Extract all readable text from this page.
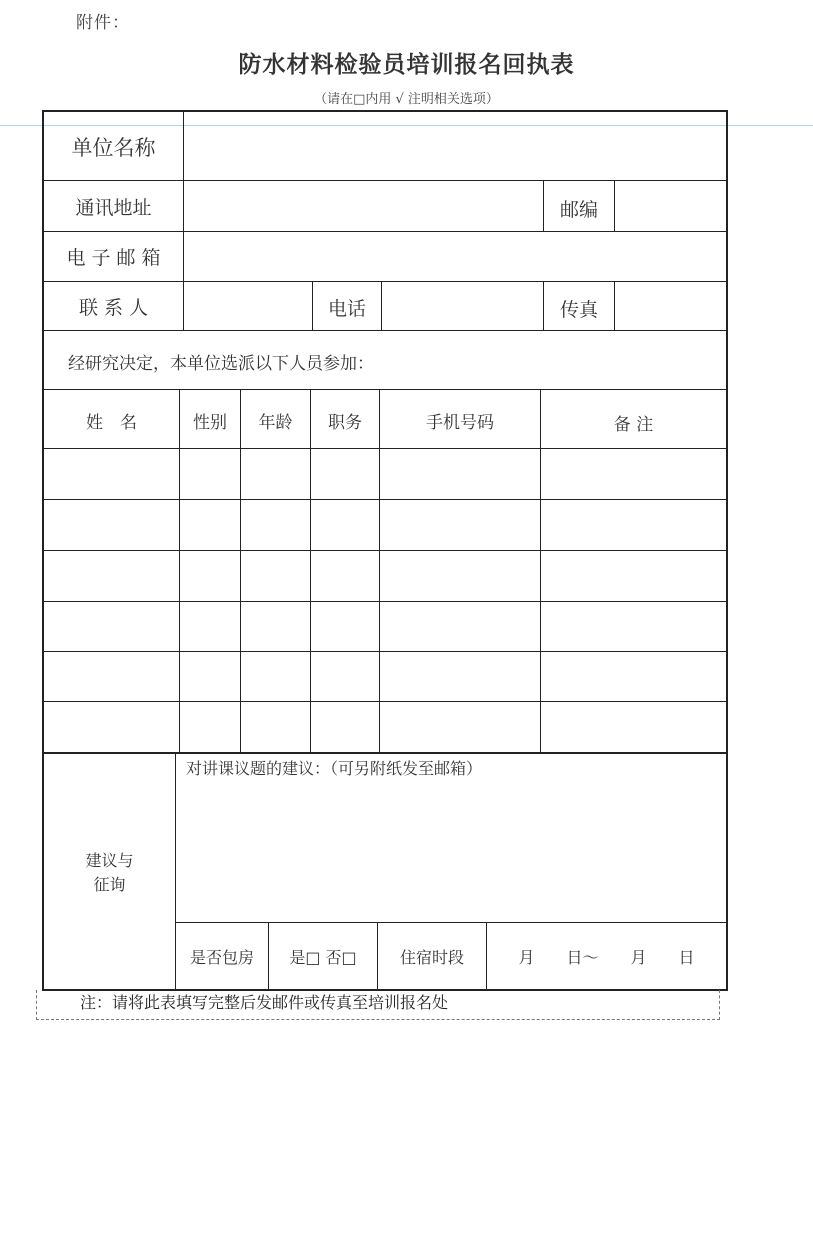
附件：
防水材料检验员培训报名回执表
（请在□内用 √ 注明相关选项）
单位名称
通讯地址	邮编
电 子 邮 箱
联 系 人	电话	传真
经研究决定，本单位选派以下人员参加：
姓　名	性别	年龄	职务	手机号码	备 注
建议与
征询
对讲课议题的建议：（可另附纸发至邮箱）
是否包房	是□ 否□	住宿时段	月　　日～　　月　　日
注：请将此表填写完整后发邮件或传真至培训报名处
